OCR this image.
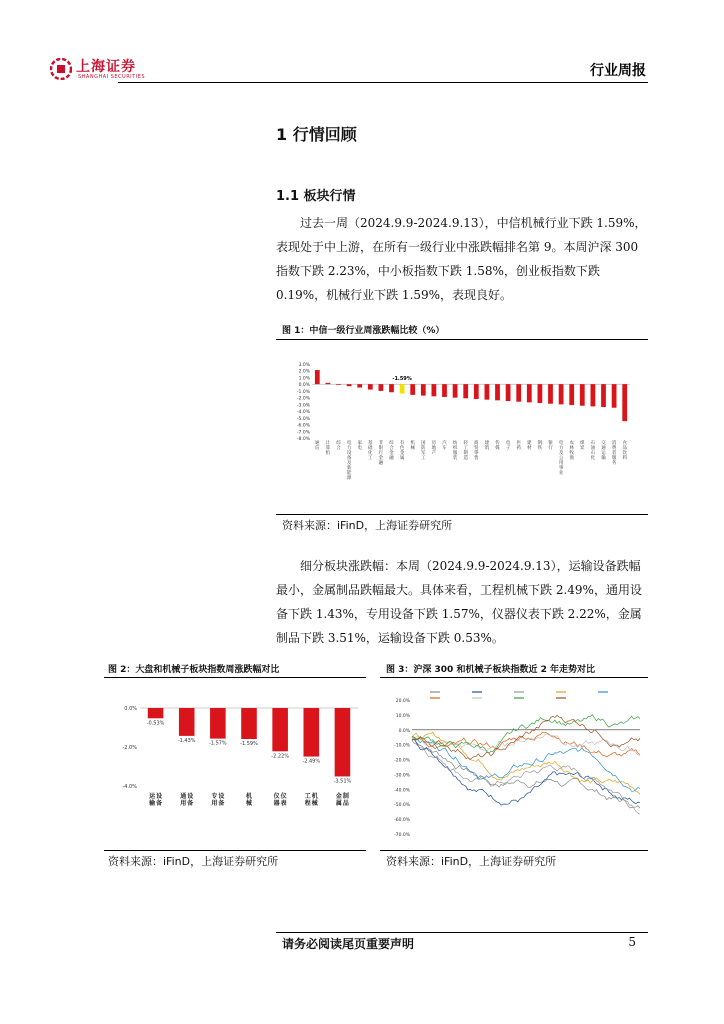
上海证券
SHANGHAI SECURITIES	行业周报
1 行情回顾
1.1 板块行情
过去一周（2024.9.9-2024.9.13），中信机械行业下跌 1.59%，表现处于中上游，在所有一级行业中涨跌幅排名第 9。本周沪深 300 指数下跌 2.23%，中小板指数下跌 1.58%，创业板指数下跌 0.19%，机械行业下跌 1.59%，表现良好。
图 1：中信一级行业周涨跌幅比较（%）
3.0%
2.0%
1.0%
0.0%
-1.0%
-2.0%
-3.0%
-4.0%
-5.0%
-6.0%
-7.0%
-8.0%
通信
计算机
综合
电力设备及新能源
家电
基础化工
非银行金融
综合金融
有色金属
机械
国防军工
房地产
汽车
纺织服装
轻工制造
商贸零售
建筑
传媒
电子
医药
建材
钢铁
银行
电力及公用事业
农林牧渔
煤炭
石油石化
交通运输
消费者服务
食品饮料
-1.59%
资料来源：iFinD，上海证券研究所
细分板块涨跌幅：本周（2024.9.9-2024.9.13），运输设备跌幅最小，金属制品跌幅最大。具体来看，工程机械下跌 2.49%，通用设备下跌 1.43%，专用设备下跌 1.57%，仪器仪表下跌 2.22%，金属制品下跌 3.51%，运输设备下跌 0.53%。
图 2：大盘和机械子板块指数周涨跌幅对比
0.0%
-2.0%
-4.0%
-0.53%
运输设备
-1.43%
通用设备
-1.57%
专用设备
-1.59%
机械
-2.22%
仪器仪表
-2.49%
工程机械
-3.51%
金属制品
资料来源：iFinD，上海证券研究所
图 3：沪深 300 和机械子板块指数近 2 年走势对比
20.0%
10.0%
0.0%
-10.0%
-20.0%
-30.0%
-40.0%
-50.0%
-60.0%
-70.0%
资料来源：iFinD，上海证券研究所
请务必阅读尾页重要声明	5
